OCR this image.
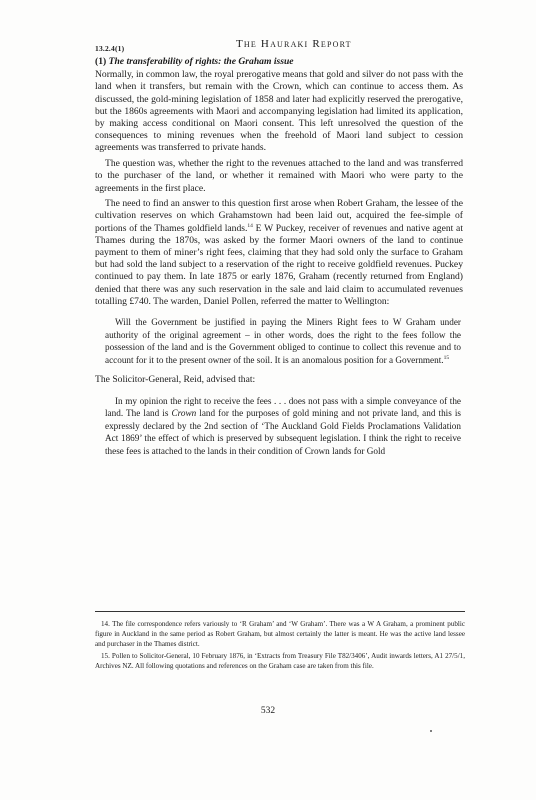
13.2.4(1)	The Hauraki Report
(1) The transferability of rights: the Graham issue

Normally, in common law, the royal prerogative means that gold and silver do not pass with the land when it transfers, but remain with the Crown, which can continue to access them. As discussed, the gold-mining legislation of 1858 and later had explicitly reserved the prerogative, but the 1860s agreements with Maori and accompanying legislation had limited its application, by making access conditional on Maori consent. This left unresolved the question of the consequences to mining revenues when the freehold of Maori land subject to cession agreements was transferred to private hands.

The question was, whether the right to the revenues attached to the land and was transferred to the purchaser of the land, or whether it remained with Maori who were party to the agreements in the first place.

The need to find an answer to this question first arose when Robert Graham, the lessee of the cultivation reserves on which Grahamstown had been laid out, acquired the fee-simple of portions of the Thames goldfield lands.$^{14}$ E W Puckey, receiver of revenues and native agent at Thames during the 1870s, was asked by the former Maori owners of the land to continue payment to them of miner’s right fees, claiming that they had sold only the surface to Graham but had sold the land subject to a reservation of the right to receive goldfield revenues. Puckey continued to pay them. In late 1875 or early 1876, Graham (recently returned from England) denied that there was any such reservation in the sale and laid claim to accumulated revenues totalling £740. The warden, Daniel Pollen, referred the matter to Wellington:

Will the Government be justified in paying the Miners Right fees to W Graham under authority of the original agreement – in other words, does the right to the fees follow the possession of the land and is the Government obliged to continue to collect this revenue and to account for it to the present owner of the soil. It is an anomalous position for a Government.$^{15}$

The Solicitor-General, Reid, advised that:

In my opinion the right to receive the fees . . . does not pass with a simple conveyance of the land. The land is Crown land for the purposes of gold mining and not private land, and this is expressly declared by the 2nd section of ‘The Auckland Gold Fields Proclamations Validation Act 1869’ the effect of which is preserved by subsequent legislation. I think the right to receive these fees is attached to the lands in their condition of Crown lands for Gold

14. The file correspondence refers variously to ‘R Graham’ and ‘W Graham’. There was a W A Graham, a prominent public figure in Auckland in the same period as Robert Graham, but almost certainly the latter is meant. He was the active land lessee and purchaser in the Thames district.

15. Pollen to Solicitor-General, 10 February 1876, in ‘Extracts from Treasury File T82/3406’, Audit inwards letters, A1 27/5/1, Archives NZ. All following quotations and references on the Graham case are taken from this file.

532
